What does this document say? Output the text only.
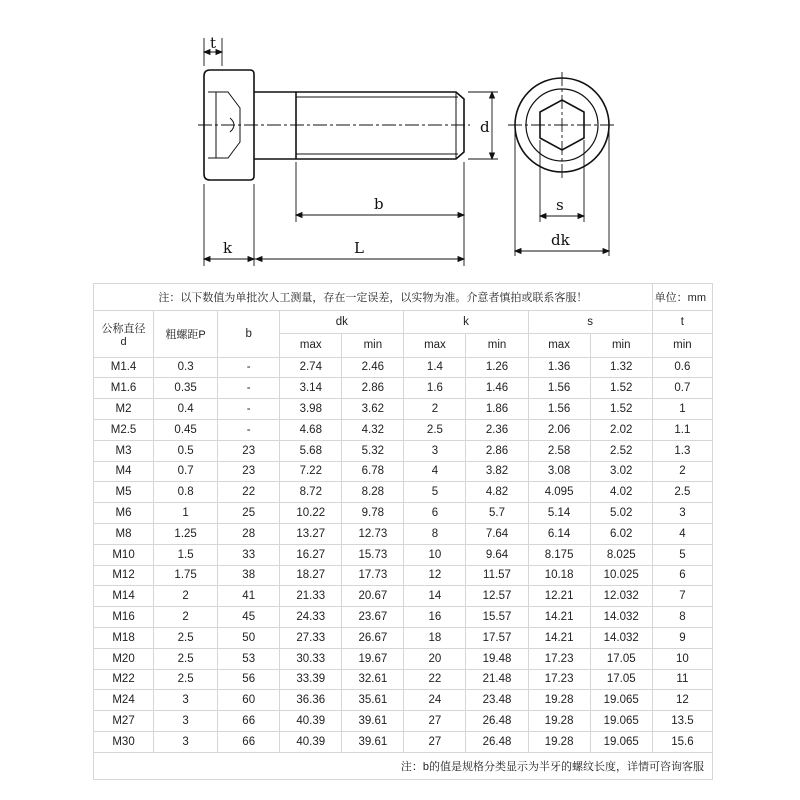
t
d
b
k	L
s
dk
注：以下数值为单批次人工测量，存在一定误差，以实物为准。介意者慎拍或联系客服！									单位：mm

公称直径
d	粗螺距P	b	dk		k		s		t
			max	min	max	min	max	min	min
M1.4	0.3	-	2.74	2.46	1.4	1.26	1.36	1.32	0.6
M1.6	0.35	-	3.14	2.86	1.6	1.46	1.56	1.52	0.7
M2	0.4	-	3.98	3.62	2	1.86	1.56	1.52	1
M2.5	0.45	-	4.68	4.32	2.5	2.36	2.06	2.02	1.1
M3	0.5	23	5.68	5.32	3	2.86	2.58	2.52	1.3
M4	0.7	23	7.22	6.78	4	3.82	3.08	3.02	2
M5	0.8	22	8.72	8.28	5	4.82	4.095	4.02	2.5
M6	1	25	10.22	9.78	6	5.7	5.14	5.02	3
M8	1.25	28	13.27	12.73	8	7.64	6.14	6.02	4
M10	1.5	33	16.27	15.73	10	9.64	8.175	8.025	5
M12	1.75	38	18.27	17.73	12	11.57	10.18	10.025	6
M14	2	41	21.33	20.67	14	12.57	12.21	12.032	7
M16	2	45	24.33	23.67	16	15.57	14.21	14.032	8
M18	2.5	50	27.33	26.67	18	17.57	14.21	14.032	9
M20	2.5	53	30.33	19.67	20	19.48	17.23	17.05	10
M22	2.5	56	33.39	32.61	22	21.48	17.23	17.05	11
M24	3	60	36.36	35.61	24	23.48	19.28	19.065	12
M27	3	66	40.39	39.61	27	26.48	19.28	19.065	13.5
M30	3	66	40.39	39.61	27	26.48	19.28	19.065	15.6
注：b的值是规格分类显示为半牙的螺纹长度，详情可咨询客服									
